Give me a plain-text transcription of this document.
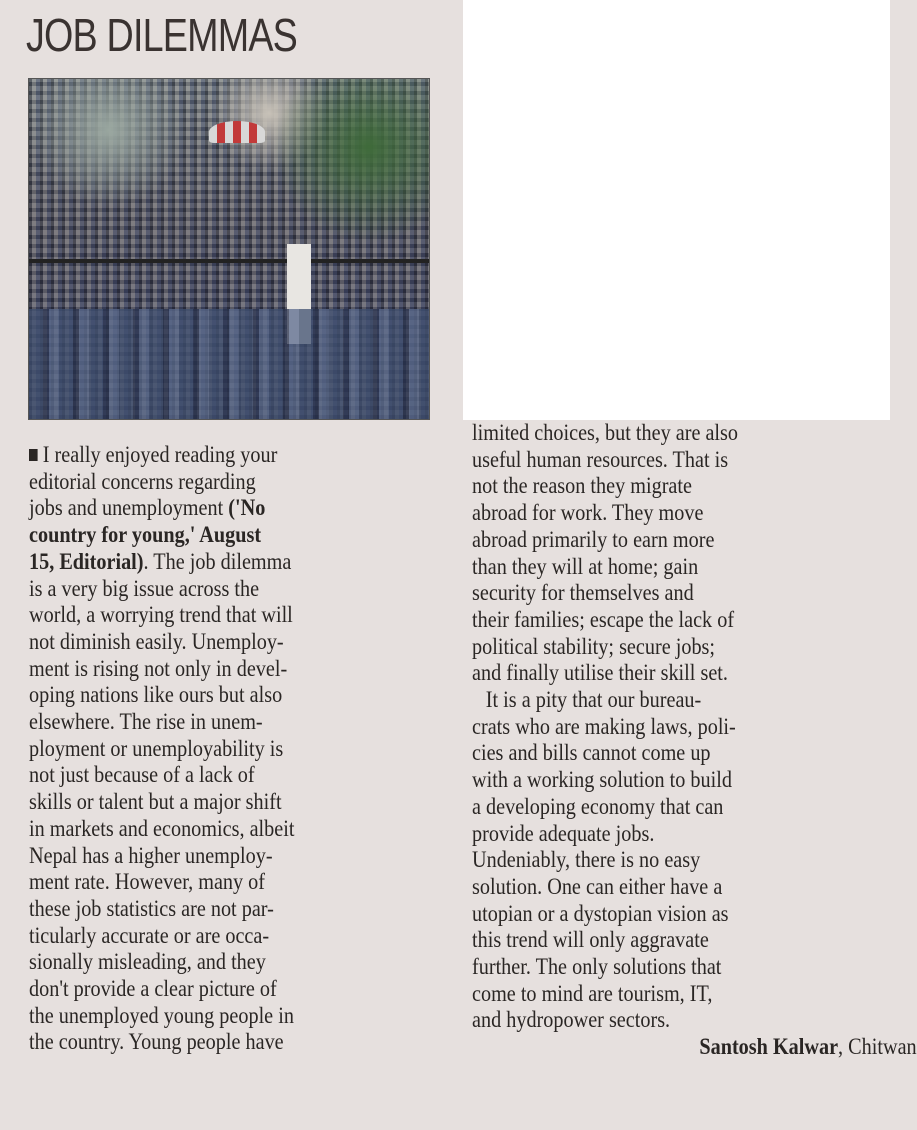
JOB DILEMMAS
I really enjoyed reading your
editorial concerns regarding
jobs and unemployment ('No
country for young,' August
15, Editorial). The job dilemma
is a very big issue across the
world, a worrying trend that will
not diminish easily. Unemploy-
ment is rising not only in devel-
oping nations like ours but also
elsewhere. The rise in unem-
ployment or unemployability is
not just because of a lack of
skills or talent but a major shift
in markets and economics, albeit
Nepal has a higher unemploy-
ment rate. However, many of
these job statistics are not par-
ticularly accurate or are occa-
sionally misleading, and they
don't provide a clear picture of
the unemployed young people in
the country. Young people have
limited choices, but they are also
useful human resources. That is
not the reason they migrate
abroad for work. They move
abroad primarily to earn more
than they will at home; gain
security for themselves and
their families; escape the lack of
political stability; secure jobs;
and finally utilise their skill set.
It is a pity that our bureau-
crats who are making laws, poli-
cies and bills cannot come up
with a working solution to build
a developing economy that can
provide adequate jobs.
Undeniably, there is no easy
solution. One can either have a
utopian or a dystopian vision as
this trend will only aggravate
further. The only solutions that
come to mind are tourism, IT,
and hydropower sectors.
Santosh Kalwar, Chitwan
